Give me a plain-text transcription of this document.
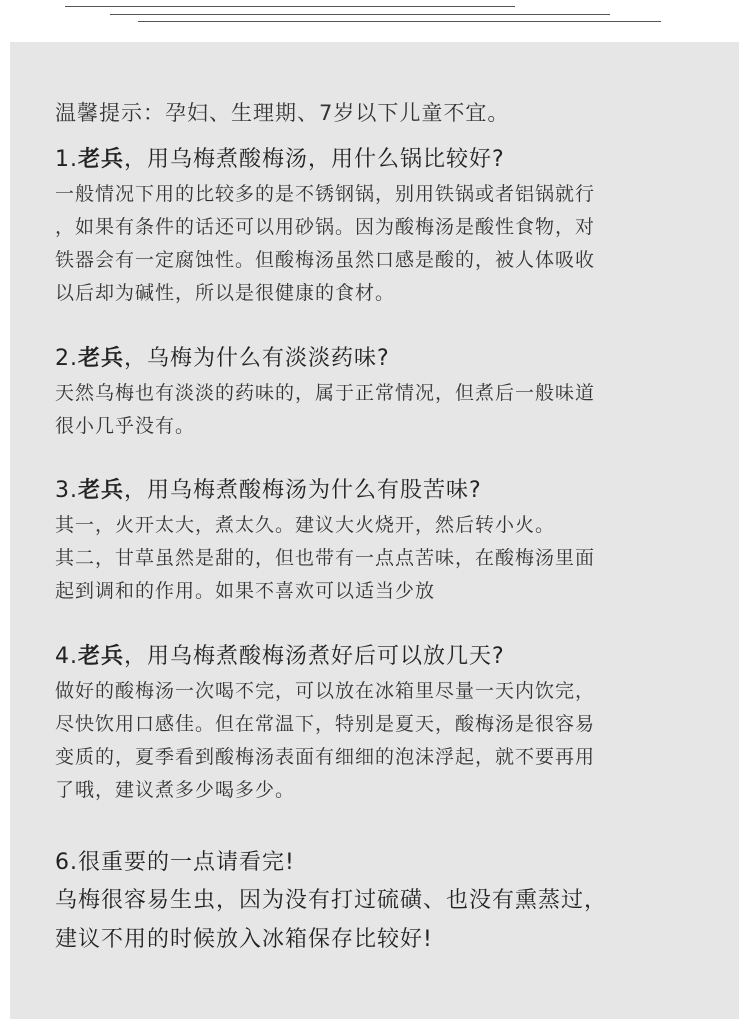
温馨提示：孕妇、生理期、7岁以下儿童不宜。
1.老兵，用乌梅煮酸梅汤，用什么锅比较好?
一般情况下用的比较多的是不锈钢锅，别用铁锅或者铝锅就行
，如果有条件的话还可以用砂锅。因为酸梅汤是酸性食物，对
铁器会有一定腐蚀性。但酸梅汤虽然口感是酸的，被人体吸收
以后却为碱性，所以是很健康的食材。
2.老兵，乌梅为什么有淡淡药味?
天然乌梅也有淡淡的药味的，属于正常情况，但煮后一般味道
很小几乎没有。
3.老兵，用乌梅煮酸梅汤为什么有股苦味?
其一，火开太大，煮太久。建议大火烧开，然后转小火。
其二，甘草虽然是甜的，但也带有一点点苦味，在酸梅汤里面
起到调和的作用。如果不喜欢可以适当少放
4.老兵，用乌梅煮酸梅汤煮好后可以放几天?
做好的酸梅汤一次喝不完，可以放在冰箱里尽量一天内饮完，
尽快饮用口感佳。但在常温下，特别是夏天，酸梅汤是很容易
变质的，夏季看到酸梅汤表面有细细的泡沫浮起，就不要再用
了哦，建议煮多少喝多少。
6.很重要的一点请看完!
乌梅很容易生虫，因为没有打过硫磺、也没有熏蒸过，
建议不用的时候放入冰箱保存比较好!
